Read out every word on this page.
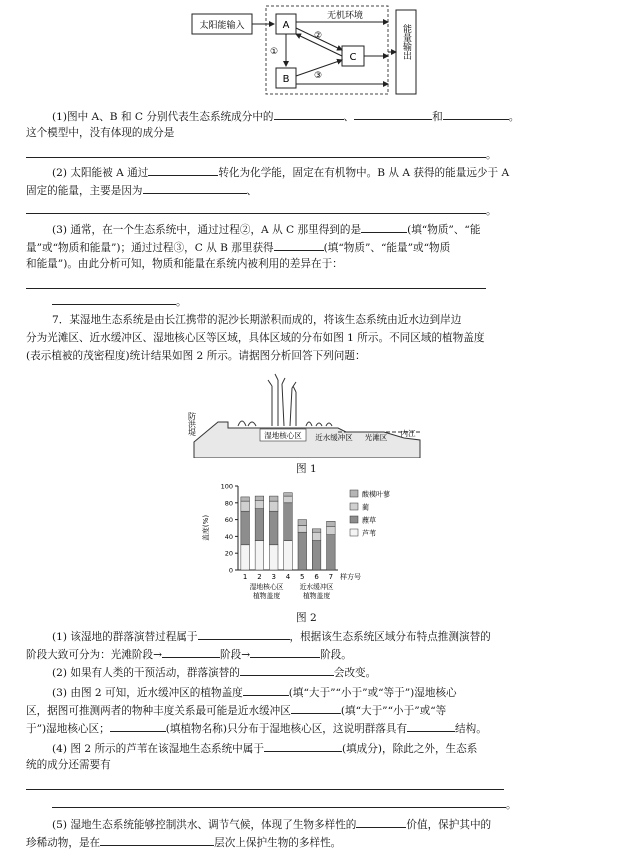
太阳能输入
无机环境
A
B
C
①
②
③
能量输出
(1)图中 A、B 和 C 分别代表生态系统成分中的	、	和	。
这个模型中，没有体现的成分是
。
(2) 太阳能被 A 通过	转化为化学能，固定在有机物中。B 从 A 获得的能量远少于 A
固定的能量，主要是因为	、
。
(3) 通常，在一个生态系统中，通过过程②，A 从 C 那里得到的是	(填“物质”、“能
量”或“物质和能量”)；通过过程③，C 从 B 那里获得	(填“物质”、“能量”或“物质
和能量”)。由此分析可知，物质和能量在系统内被利用的差异在于：
。
7．某湿地生态系统是由长江携带的泥沙长期淤积而成的，将该生态系统由近水边到岸边
分为光滩区、近水缓冲区、湿地核心区等区域，具体区域的分布如图 1 所示。不同区域的植物盖度
(表示植被的茂密程度)统计结果如图 2 所示。请据图分析回答下列问题：
防洪堤	湿地核心区 近水缓冲区 光滩区 内江
图 1
0
20
40
60
80
100
盖度(%)
1 2 3 4 5 6 7 样方号
湿地核心区
植物盖度
近水缓冲区
植物盖度
酸模叶蓼
蔺
藨草
芦苇
图 2
(1) 该湿地的群落演替过程属于	，根据该生态系统区域分布特点推测演替的
阶段大致可分为：光滩阶段→	阶段→	阶段。
(2) 如果有人类的干预活动，群落演替的	会改变。
(3) 由图 2 可知，近水缓冲区的植物盖度	(填“大于”“小于”或“等于”)湿地核心
区，据图可推测两者的物种丰度关系最可能是近水缓冲区	(填“大于”“小于”或“等
于”)湿地核心区；	(填植物名称)只分布于湿地核心区，这说明群落具有	结构。
(4) 图 2 所示的芦苇在该湿地生态系统中属于	(填成分)，除此之外，生态系
统的成分还需要有
。
(5) 湿地生态系统能够控制洪水、调节气候，体现了生物多样性的	价值，保护其中的
珍稀动物，是在	层次上保护生物的多样性。
